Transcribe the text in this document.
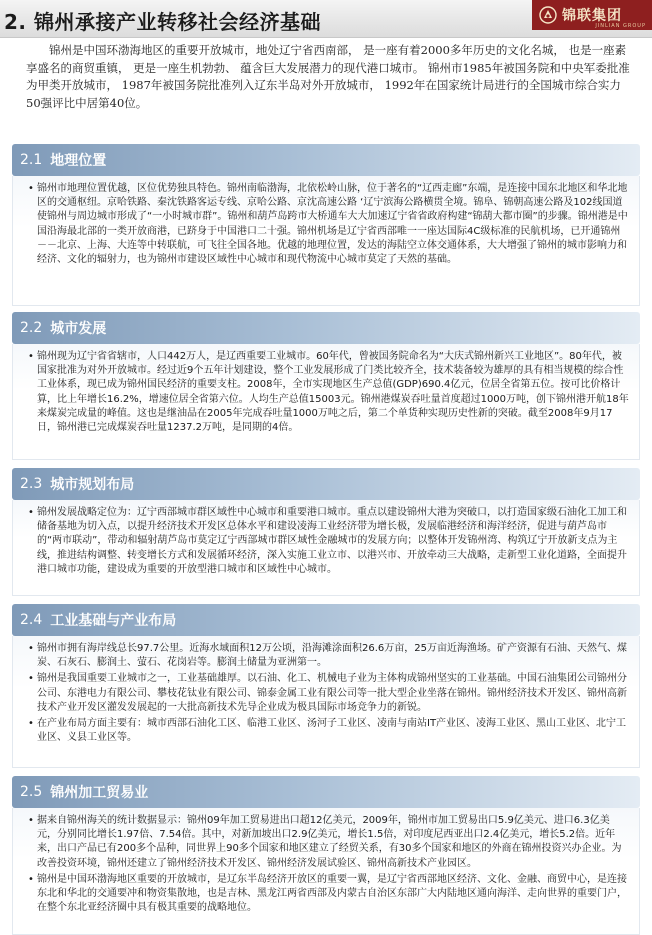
2. 锦州承接产业转移社会经济基础	锦联集团
JINLIAN GROUP
锦州是中国环渤海地区的重要开放城市，地处辽宁省西南部， 是一座有着2000多年历史的文化名城， 也是一座素享盛名的商贸重镇， 更是一座生机勃勃、 蕴含巨大发展潜力的现代港口城市。 锦州市1985年被国务院和中央军委批准为甲类开放城市， 1987年被国务院批准列入辽东半岛对外开放城市， 1992年在国家统计局进行的全国城市综合实力50强评比中居第40位。
2.1 地理位置
• 锦州市地理位置优越，区位优势独具特色。锦州南临渤海，北依松岭山脉，位于著名的“辽西走廊”东端，是连接中国东北地区和华北地区的交通枢纽。京哈铁路、秦沈铁路客运专线、京哈公路、京沈高速公路 ‘辽宁滨海公路横贯全境。锦阜、锦朝高速公路及102线国道使锦州与周边城市形成了“一小时城市群”。锦州和葫芦岛跨市大桥通车大大加速辽宁省省政府构建“锦葫大都市圈”的步骤。锦州港是中国沿海最北部的一类开放商港，已跻身于中国港口二十强。锦州机场是辽宁省西部唯一一座达国际4C级标准的民航机场，已开通锦州－－北京、上海、大连等中转联航，可飞往全国各地。优越的地理位置，发达的海陆空立体交通体系，大大增强了锦州的城市影响力和经济、文化的辐射力，也为锦州市建设区域性中心城市和现代物流中心城市莫定了天然的基础。
2.2 城市发展
• 锦州现为辽宁省省辖市，人口442万人，是辽西重要工业城市。60年代，曾被国务院命名为“大庆式锦州新兴工业地区”。80年代，被国家批准为对外开放城市。经过近9个五年计划建设，整个工业发展形成了门类比较齐全，技术装备较为雄厚的具有相当规模的综合性工业体系，现已成为锦州国民经济的重要支柱。2008年，全市实现地区生产总值(GDP)690.4亿元，位居全省第五位。按可比价格计算，比上年增长16.2%，增速位居全省第六位。人均生产总值15003元。锦州港煤炭吞吐量首度超过1000万吨，创下锦州港开航18年来煤炭完成量的峰值。这也是继油品在2005年完成吞吐量1000万吨之后，第二个单货种实现历史性新的突破。截至2008年9月17日，锦州港已完成煤炭吞吐量1237.2万吨，是同期的4倍。
2.3 城市规划布局
• 锦州发展战略定位为：辽宁西部城市群区域性中心城市和重要港口城市。重点以建设锦州大港为突破口，以打造国家级石油化工加工和储备基地为切入点，以提升经济技术开发区总体水平和建设凌海工业经济带为增长极，发展临港经济和海洋经济，促进与葫芦岛市的“两市联动”，带动和辐射葫芦岛市莫定辽宁西部城市群区域性金融城市的发展方向；以整体开发锦州湾、构筑辽宁开放新支点为主线，推进结构调整、转变增长方式和发展循环经济，深入实施工业立市、以港兴市、开放牵动三大战略，走新型工业化道路，全面提升港口城市功能，建设成为重要的开放型港口城市和区域性中心城市。
2.4 工业基础与产业布局
• 锦州市拥有海岸线总长97.7公里。近海水域面积12万公顷，沿海滩涂面积26.6万亩，25万亩近海渔场。矿产资源有石油、天然气、煤炭、石灰石、膨润土、萤石、花岗岩等。膨润土储量为亚洲第一。
• 锦州是我国重要工业城市之一，工业基础雄厚。以石油、化工、机械电子业为主体构成锦州坚实的工业基础。中国石油集团公司锦州分公司、东港电力有限公司、攀枝花钛业有限公司、锦泰金属工业有限公司等一批大型企业坐落在锦州。锦州经济技术开发区、锦州高新技术产业开发区灌发发展起的一大批高新技术先导企业成为极具国际市场竞争力的新锐。
• 在产业布局方面主要有：城市西部石油化工区、临港工业区、汤河子工业区、凌南与南站IT产业区、凌海工业区、黑山工业区、北宁工业区、义县工业区等。
2.5 锦州加工贸易业
• 据来自锦州海关的统计数据显示：锦州09年加工贸易进出口超12亿美元，2009年，锦州市加工贸易出口5.9亿美元、进口6.3亿美元，分别同比增长1.97倍、7.54倍。其中，对新加坡出口2.9亿美元，增长1.5倍，对印度尼西亚出口2.4亿美元，增长5.2倍。近年来，出口产品已有200多个品种，同世界上90多个国家和地区建立了经贸关系，有30多个国家和地区的外商在锦州投资兴办企业。为改善投资环境，锦州还建立了锦州经济技术开发区、锦州经济发展试验区、锦州高新技术产业园区。
• 锦州是中国环渤海地区重要的开放城市，是辽东半岛经济开放区的重要一翼，是辽宁省西部地区经济、文化、金融、商贸中心，是连接东北和华北的交通要冲和物资集散地，也是吉林、黑龙江两省西部及内蒙古自治区东部广大内陆地区通向海洋、走向世界的重要门户，在整个东北亚经济圈中具有极其重要的战略地位。
